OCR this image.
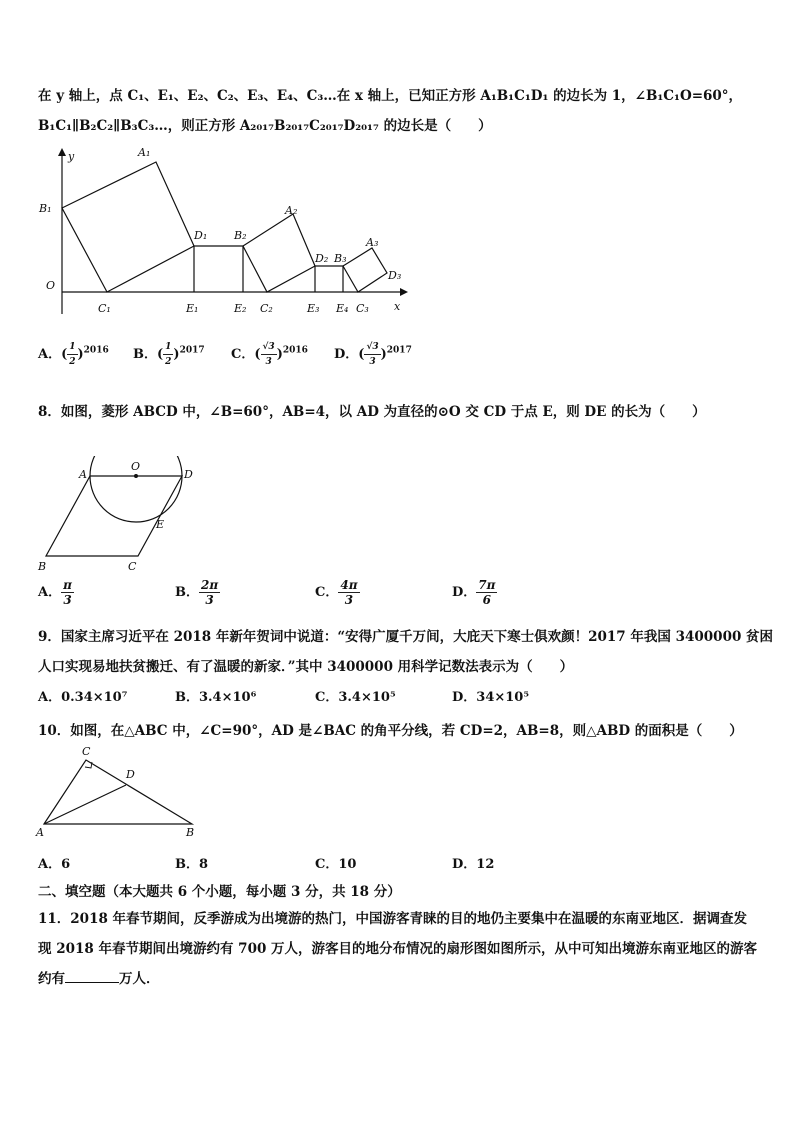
在 y 轴上，点 C₁、E₁、E₂、C₂、E₃、E₄、C₃…在 x 轴上，已知正方形 A₁B₁C₁D₁ 的边长为 1，∠B₁C₁O=60°，
B₁C₁∥B₂C₂∥B₃C₃…，则正方形 A₂₀₁₇B₂₀₁₇C₂₀₁₇D₂₀₁₇ 的边长是（　　）
y
x
O
A₁
B₁
C₁
D₁
E₁
B₂
E₂
A₂
C₂
D₂
E₃
B₃
E₄
A₃
C₃
D₃
A．( $\frac{1}{2} )^{2016}$ B．( $\frac{1}{2} )^{2017}$ C．( $\frac{√3}{3} )^{2016}$ D．( $\frac{√3}{3} )^{2017}$
8．如图，菱形 ABCD 中，∠B=60°，AB=4，以 AD 为直径的⊙O 交 CD 于点 E，则 DE 的长为（　　）
A	D
O
E
B	C
A． $\frac{\pi}{3}$	B． $\frac{2\pi}{3}$	C． $\frac{4\pi}{3}$	D． $\frac{7\pi}{6}$
9．国家主席习近平在 2018 年新年贺词中说道：“安得广厦千万间，大庇天下寒士俱欢颜！2017 年我国 3400000 贫困
人口实现易地扶贫搬迁、有了温暖的新家．”其中 3400000 用科学记数法表示为（　　）
A．0.34×10⁷	B．3.4×10⁶	C．3.4×10⁵	D．34×10⁵
10．如图，在△ABC 中，∠C=90°，AD 是∠BAC 的角平分线，若 CD=2，AB=8，则△ABD 的面积是（　　）
A
C
D
B
A．6	B．8	C．10	D．12
二、填空题（本大题共 6 个小题，每小题 3 分，共 18 分）
11．2018 年春节期间，反季游成为出境游的热门，中国游客青睐的目的地仍主要集中在温暖的东南亚地区．据调查发
现 2018 年春节期间出境游约有 700 万人，游客目的地分布情况的扇形图如图所示，从中可知出境游东南亚地区的游客
约有	万人．
